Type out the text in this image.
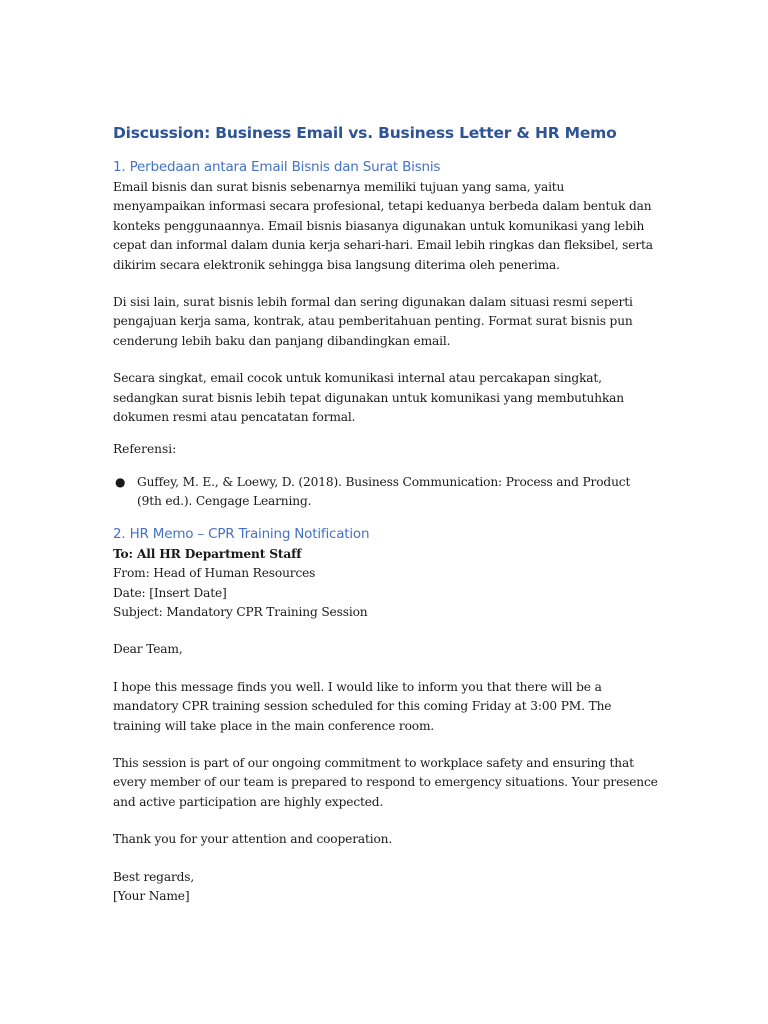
Discussion: Business Email vs. Business Letter & HR Memo
1. Perbedaan antara Email Bisnis dan Surat Bisnis

Email bisnis dan surat bisnis sebenarnya memiliki tujuan yang sama, yaitu menyampaikan informasi secara profesional, tetapi keduanya berbeda dalam bentuk dan konteks penggunaannya. Email bisnis biasanya digunakan untuk komunikasi yang lebih cepat dan informal dalam dunia kerja sehari-hari. Email lebih ringkas dan fleksibel, serta dikirim secara elektronik sehingga bisa langsung diterima oleh penerima.

Di sisi lain, surat bisnis lebih formal dan sering digunakan dalam situasi resmi seperti pengajuan kerja sama, kontrak, atau pemberitahuan penting. Format surat bisnis pun cenderung lebih baku dan panjang dibandingkan email.

Secara singkat, email cocok untuk komunikasi internal atau percakapan singkat, sedangkan surat bisnis lebih tepat digunakan untuk komunikasi yang membutuhkan dokumen resmi atau pencatatan formal.

Referensi:

● Guffey, M. E., & Loewy, D. (2018). Business Communication: Process and Product (9th ed.). Cengage Learning.
2. HR Memo – CPR Training Notification

To: All HR Department Staff

From: Head of Human Resources

Date: [Insert Date]

Subject: Mandatory CPR Training Session

Dear Team,

I hope this message finds you well. I would like to inform you that there will be a mandatory CPR training session scheduled for this coming Friday at 3:00 PM. The training will take place in the main conference room.

This session is part of our ongoing commitment to workplace safety and ensuring that every member of our team is prepared to respond to emergency situations. Your presence and active participation are highly expected.

Thank you for your attention and cooperation.

Best regards,

[Your Name]
